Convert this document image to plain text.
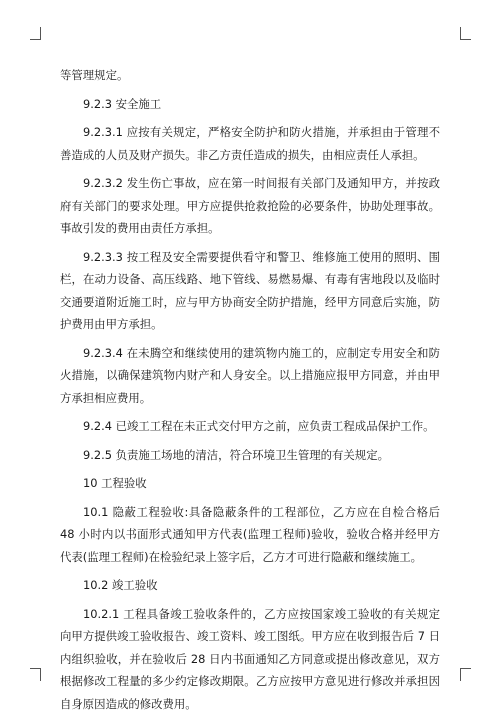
等管理规定。

9.2.3 安全施工

9.2.3.1 应按有关规定，严格安全防护和防火措施，并承担由于管理不善造成的人员及财产损失。非乙方责任造成的损失，由相应责任人承担。

9.2.3.2 发生伤亡事故，应在第一时间报有关部门及通知甲方，并按政府有关部门的要求处理。甲方应提供抢救抢险的必要条件，协助处理事故。事故引发的费用由责任方承担。

9.2.3.3 按工程及安全需要提供看守和警卫、维修施工使用的照明、围栏，在动力设备、高压线路、地下管线、易燃易爆、有毒有害地段以及临时交通要道附近施工时，应与甲方协商安全防护措施，经甲方同意后实施，防护费用由甲方承担。

9.2.3.4 在未腾空和继续使用的建筑物内施工的，应制定专用安全和防火措施，以确保建筑物内财产和人身安全。以上措施应报甲方同意，并由甲方承担相应费用。

9.2.4 已竣工工程在未正式交付甲方之前，应负责工程成品保护工作。

9.2.5 负责施工场地的清洁，符合环境卫生管理的有关规定。

10 工程验收

10.1 隐蔽工程验收:具备隐蔽条件的工程部位，乙方应在自检合格后 48 小时内以书面形式通知甲方代表(监理工程师)验收，验收合格并经甲方代表(监理工程师)在检验纪录上签字后，乙方才可进行隐蔽和继续施工。

10.2 竣工验收

10.2.1 工程具备竣工验收条件的，乙方应按国家竣工验收的有关规定向甲方提供竣工验收报告、竣工资料、竣工图纸。甲方应在收到报告后 7 日内组织验收，并在验收后 28 日内书面通知乙方同意或提出修改意见，双方根据修改工程量的多少约定修改期限。乙方应按甲方意见进行修改并承担因自身原因造成的修改费用。
